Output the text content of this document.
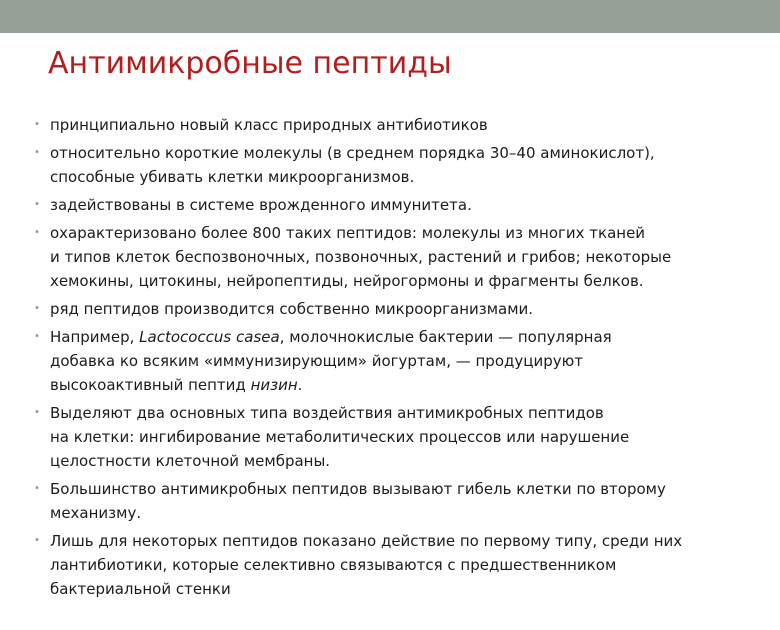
Антимикробные пептиды
• принципиально новый класс природных антибиотиков
• относительно короткие молекулы (в среднем порядка 30–40 аминокислот),
способные убивать клетки микроорганизмов.
• задействованы в системе врожденного иммунитета.
• охарактеризовано более 800 таких пептидов: молекулы из многих тканей
и типов клеток беспозвоночных, позвоночных, растений и грибов; некоторые
хемокины, цитокины, нейропептиды, нейрогормоны и фрагменты белков.
• ряд пептидов производится собственно микроорганизмами.
• Например, Lactococcus casea, молочнокислые бактерии — популярная
добавка ко всяким «иммунизирующим» йогуртам, — продуцируют
высокоактивный пептид низин.
• Выделяют два основных типа воздействия антимикробных пептидов
на клетки: ингибирование метаболитических процессов или нарушение
целостности клеточной мембраны.
• Большинство антимикробных пептидов вызывают гибель клетки по второму
механизму.
• Лишь для некоторых пептидов показано действие по первому типу, среди них
лантибиотики, которые селективно связываются с предшественником
бактериальной стенки
